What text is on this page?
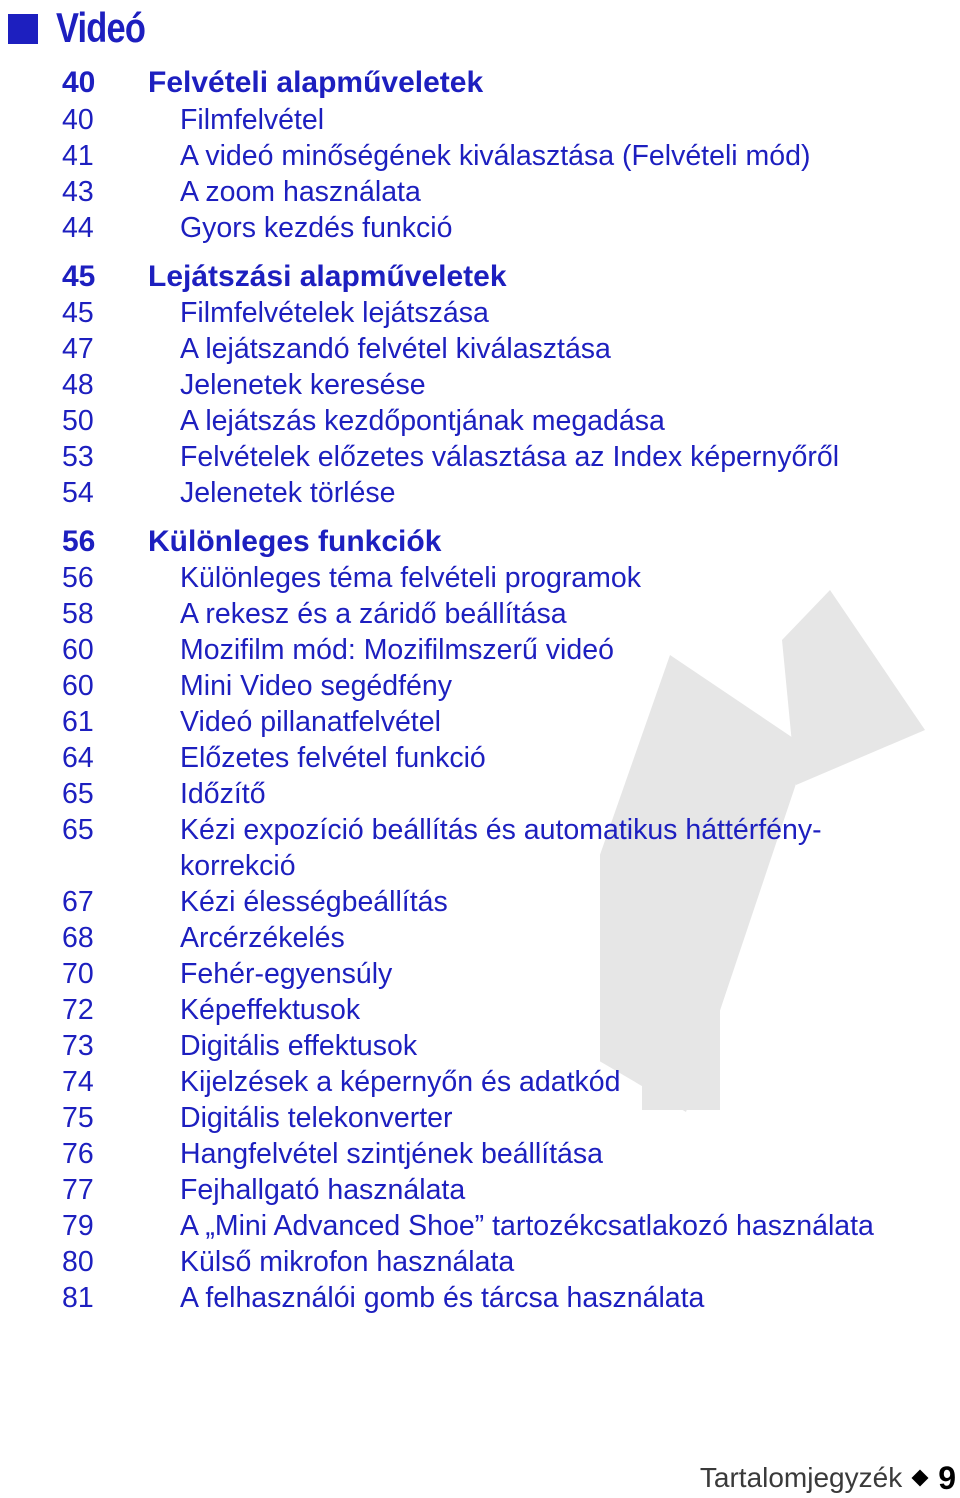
Videó
40	Felvételi alapműveletek
40	Filmfelvétel
41	A videó minőségének kiválasztása (Felvételi mód)
43	A zoom használata
44	Gyors kezdés funkció
45	Lejátszási alapműveletek
45	Filmfelvételek lejátszása
47	A lejátszandó felvétel kiválasztása
48	Jelenetek keresése
50	A lejátszás kezdőpontjának megadása
53	Felvételek előzetes választása az Index képernyőről
54	Jelenetek törlése
56	Különleges funkciók
56	Különleges téma felvételi programok
58	A rekesz és a záridő beállítása
60	Mozifilm mód: Mozifilmszerű videó
60	Mini Video segédfény
61	Videó pillanatfelvétel
64	Előzetes felvétel funkció
65	Időzítő
65	Kézi expozíció beállítás és automatikus háttérfény-
korrekció
67	Kézi élességbeállítás
68	Arcérzékelés
70	Fehér-egyensúly
72	Képeffektusok
73	Digitális effektusok
74	Kijelzések a képernyőn és adatkód
75	Digitális telekonverter
76	Hangfelvétel szintjének beállítása
77	Fejhallgató használata
79	A „Mini Advanced Shoe” tartozékcsatlakozó használata
80	Külső mikrofon használata
81	A felhasználói gomb és tárcsa használata
Tartalomjegyzék 9
